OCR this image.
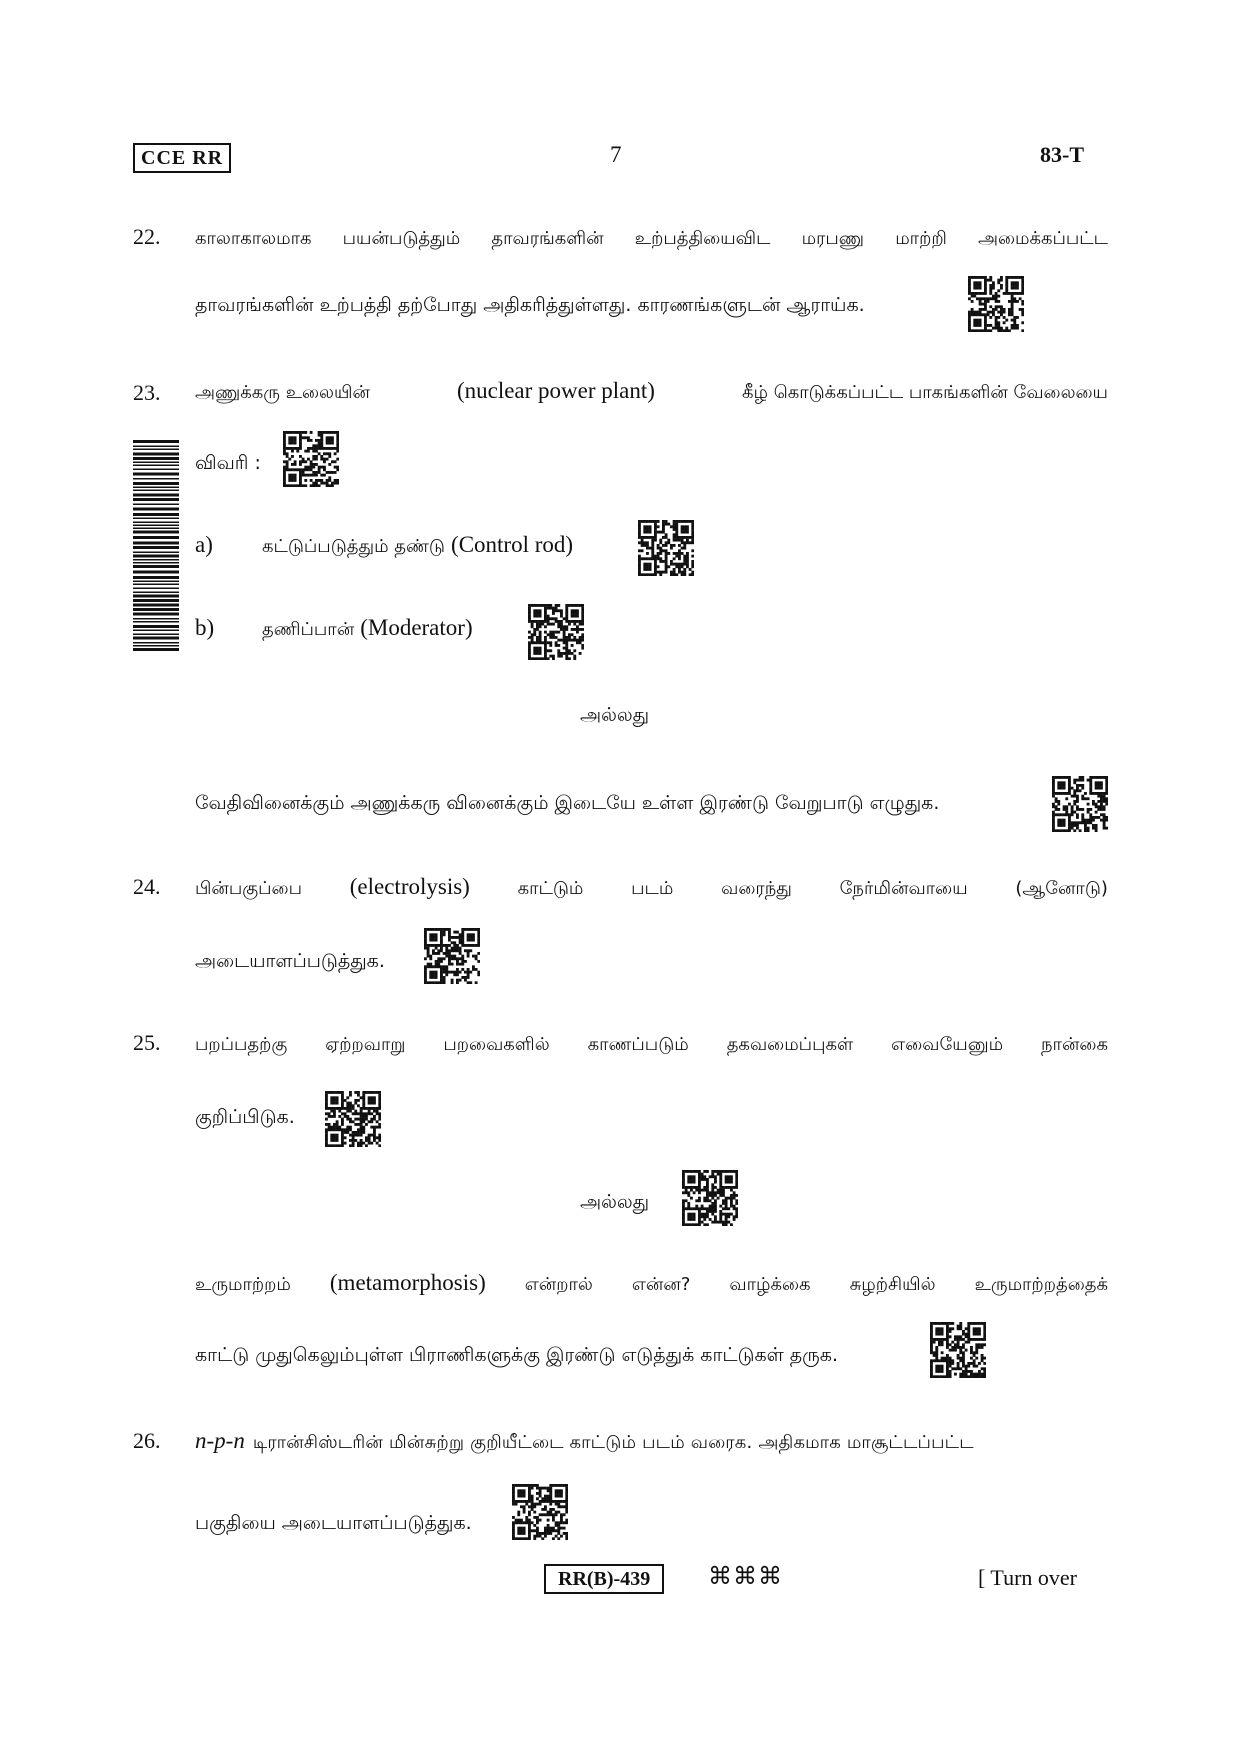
CCE RR	7	83-T
22. காலாகாலமாக பயன்படுத்தும் தாவரங்களின் உற்பத்தியைவிட மரபணு மாற்றி அமைக்கப்பட்ட
தாவரங்களின் உற்பத்தி தற்போது அதிகரித்துள்ளது. காரணங்களுடன் ஆராய்க.
23. அணுக்கரு உலையின்	(nuclear power plant)	கீழ் கொடுக்கப்பட்ட பாகங்களின் வேலையை
விவரி :
a)	கட்டுப்படுத்தும் தண்டு (Control rod)
b)	தணிப்பான் (Moderator)
அல்லது
வேதிவினைக்கும் அணுக்கரு வினைக்கும் இடையே உள்ள இரண்டு வேறுபாடு எழுதுக.
24. பின்பகுப்பை (electrolysis)	காட்டும்	படம்	வரைந்து	நேர்மின்வாயை	(ஆனோடு)
அடையாளப்படுத்துக.
25. பறப்பதற்கு ஏற்றவாறு பறவைகளில் காணப்படும் தகவமைப்புகள் எவையேனும் நான்கை
குறிப்பிடுக.
அல்லது
உருமாற்றம் (metamorphosis) என்றால் என்ன? வாழ்க்கை சுழற்சியில் உருமாற்றத்தைக்
காட்டு முதுகெலும்புள்ள பிராணிகளுக்கு இரண்டு எடுத்துக் காட்டுகள் தருக.
26. n-p-n டிரான்சிஸ்டரின் மின்சுற்று குறியீட்டை காட்டும் படம் வரைக. அதிகமாக மாசூட்டப்பட்ட
பகுதியை அடையாளப்படுத்துக.
RR(B)-439	⌘⌘⌘	[ Turn over
